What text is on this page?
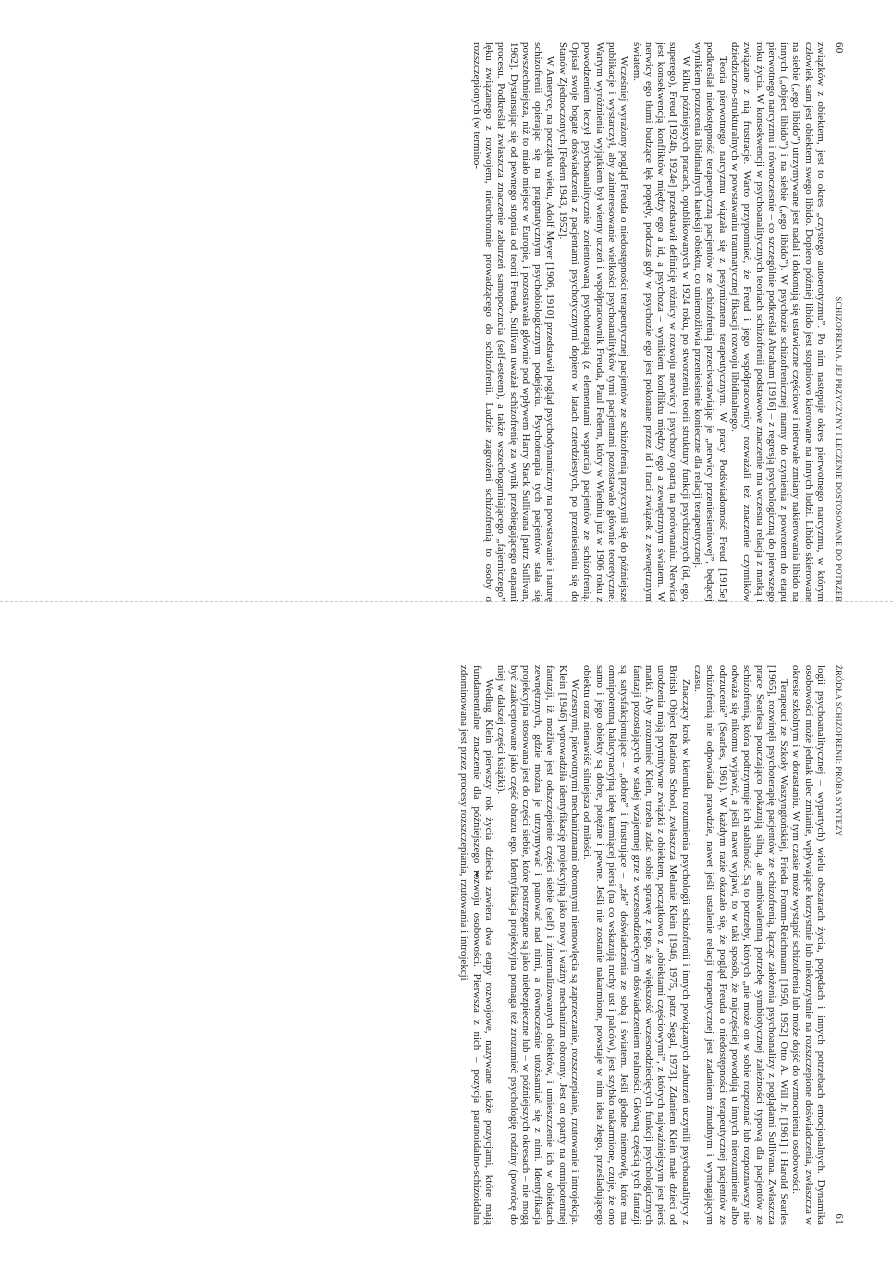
60
SCHIZOFRENIA. JEJ PRZYCZYNY I LECZENIE DOSTOSOWANE DO POTRZEB

związków z obiektem, jest to okres „czystego autoerotyzmu”. Po nim następuje okres pierwotnego narcyzmu, w którym człowiek sam jest obiektem swego libido. Dopiero później libido jest stopniowo kierowane na innych ludzi. Libido skierowane na siebie („ego libido”) utrzymywane jest nadal i dokonują się ustawiczne częściowe i nietrwałe zmiany nakierowania libido na innych („object libido”) i na siebie („ego libido”). W psychozie schizofrenicznej mamy do czynienia z powrotem do etapu pierwotnego narcyzmu i równoczesnie – co szczególnie podkreślał Abraham [1916] – z regresją psychologiczną do pierwszego roku życia. W konsekwencji w psychoanalitycznych teoriach schizofrenii podstawowe znaczenie ma wczesna relacja z matką i związane z nią frustracje. Warto przypomnieć, że Freud i jego współpracownicy rozważali też znaczenie czynników dziedziczno-strukturalnych w powstawaniu traumatycznej fiksacji rozwoju libidinalnego.

Teoria pierwotnego narcyzmu wiązała się z pesymizmem terapeutycznym. W pracy Podświadomość Freud [1915e] podkreślał niedostępność terapeutyczną pacjentów ze schizofrenią przeciwstawiając je „nerwicy przeniesieniowej”, będącej wynikiem porzucenia libidinalnych kateksji obiektu, co uniemożliwia przeniesienie konieczne dla relacji terapeutycznej.

W kilku późniejszych pracach, opublikowanych w 1924 roku, po stworzeniu teorii struktury funkcji psychicznych (id, ego, superego), Freud [1924b, 1924e] przedstawił definicję różnicy w rozwoju nerwicy i psychozy opartą na porównaniu. Nerwica jest konsekwencją konfliktów między ego a id, a psychoza – wynikiem konfliktu między ego a zewnętrznym światem. W nerwicy ego tłumi budzące lęk popędy, podczas gdy w psychozie ego jest pokonane przez id i traci związek z zewnętrznym światem.

Wcześniej wyrażony pogląd Freuda o niedostępności terapeutycznej pacjentów ze schizofrenią przyczynił się do późniejsze publikacje i wystarczył, aby zainteresowanie wielkości psychoanalityków tymi pacjentami pozostawało głównie teoretyczne. Wartym wyróżnienia wyjątkiem był wierny uczeń i współpracownik Freuda, Paul Federn, który w Wiedniu już w 1906 roku z powodzeniem leczył psychoanalitycznie zorientowaną psychoterapią (z elementami wsparcia) pacjentów ze schizofrenią. Opisał swoje bogate doświadczenia z pacjentami psychotycznymi dopiero w latach czterdziestych, po przeniesieniu się do Stanów Zjednoczonych [Federn 1943, 1952].

W Ameryce, na początku wieku, Adolf Meyer [1906, 1910] przedstawił pogląd psychodynamiczny na powstawanie i naturę schizofrenii opierając się na pragmatycznym psychobiologicznym podejściu. Psychoterapia tych pacjentów stała się powszechniejsza, niż to miało miejsce w Europie, i pozostawała głównie pod wpływem Harry Stack Sullivana [patrz Sullivan, 1962]. Dystansując się od pewnego stopnia od teorii Freuda, Sullivan uważał schizofrenię za wynik przebiegającego etapami procesu. Podkreślał zwłaszcza znaczenie zaburzeń samopoczucia (self-esteem), a także wszechogarniającego „fajerniczego” lęku związanego z rozwojem, nieuchronnie prowadzącego do schizofrenii. Ludzie zagrożeni schizofrenią to osoby o rozszczepionych (w termino-

ŹRÓDŁA SCHIZOFRENII: PRÓBA SYNTEZY
61

logii psychoanalitycznej – wypartych) wielu obszarach życia, popędach i innych potrzebach emocjonalnych. Dynamika osobowości może jednak ulec zmianie, wpływające korzystnie lub niekorzystnie na rozszczepione doświadczenia, zwłaszcza w okresie szkolnym i w dorastaniu. W tym czasie może wystąpić schizofrenia lub może dojść do wzmocnienia osobowości.

Terapeuci ze Szkoły Waszyngtońskiej, Frieda Fromm-Reichmann [1950, 1952] Otto A. Will Jr. [1961] i Harold Searles [1965], rozwinęli psychoterapię pacjentów ze schizofrenią, łącząc założenia psychoanalizy z poglądami Sullivana. Zwłaszcza prace Searlesa pouczająco pokazują silną, ale ambiwalentną potrzebę symbiotycznej zależności typową dla pacjentów ze schizofrenią, która podtrzymuje ich stabilność. Są to potrzeby, których „nie może on w sobie rozpoznać lub rozpoznawszy nie odważa się nikomu wyjawić, a jeśli nawet wyjawi, to w taki sposób, że najczęściej powodują u innych nierozumienie albo odrzucenie” (Searles, 1961). W każdym razie okazało się, że pogląd Freuda o niedostępności terapeutycznej pacjentów ze schizofrenią nie odpowiada prawdzie, nawet jeśli ustalenie relacji terapeutycznej jest zadaniem żmudnym i wymagającym czasu.

Znaczący krok w kierunku rozumienia psychologii schizofrenii i innych powiązanych zaburzeń uczynili psychoanalitycy z British Object Relations School, zwłaszcza Melanie Klein [1946, 1975, patrz Segal, 1973]. Zdaniem Klein małe dzieci od urodzenia mają prymitywne związki z obiektem, początkowo z „obiektami częściowymi”, z których najważniejszym jest pierś matki. Aby zrozumieć Klein, trzeba zdać sobie sprawę z tego, że większość wczesnodziecięcych funkcji psychologicznych fantazji pozostających w stałej wzajemnej grze z wczesnodziecięcym doświadczeniem realności. Główną częścią tych fantazji są satysfakcjonujące – „dobre” i frustrujące – „złe” doświadczenia ze sobą i światem. Jeśli głodne niemowlę, które ma omnipotentną halucynacyjną ideę karmiącej piersi (na co wskazują ruchy ust i palców), jest szybko nakarmione, czuje, że ono samo i jego obiekty są dobre, potężne i pewne. Jeśli nie zostanie nakarmione, powstaje w nim idea złego, prześladującego obiektu oraz nienawiść silniejsza od miłości.

Wczesnymi, pierwotnymi mechanizmami obronnymi niemowlęcia są zaprzeczanie, rozszczepianie, rzutowanie i introjekcja. Klein [1946] wprowadziła identyfikację projekcyjną jako nowy i ważny mechanizm obronny. Jest on oparty na omnipotentnej fantazji, iż możliwe jest odszczepienie części siebie (self) i zinternalizowanych obiektów, i umieszczenie ich w obiektach zewnętrznych, gdzie można je utrzymywać i panować nad nimi, a równocześnie utożsamiać się z nimi. Identyfikacja projekcyjna stosowana jest do części siebie, które postrzegane są jako niebezpieczne lub – w późniejszych okresach – nie mogą być zaakceptowane jako część obrazu ego. Identyfikacja projekcyjna pomaga też zrozumieć psychologię rodziny (powrócę do niej w dalszej części książki).

Według Klein pierwszy rok życia dziecka zawiera dwa etapy rozwojowe, nazywane także pozycjami, które mają fundamentalne znaczenie dla późniejszego rozwoju osobowości. Pierwsza z nich – pozycja paranoidalno-schizoidalna zdominowana jest przez procesy rozszczepiania, rzutowania i introjekcji
